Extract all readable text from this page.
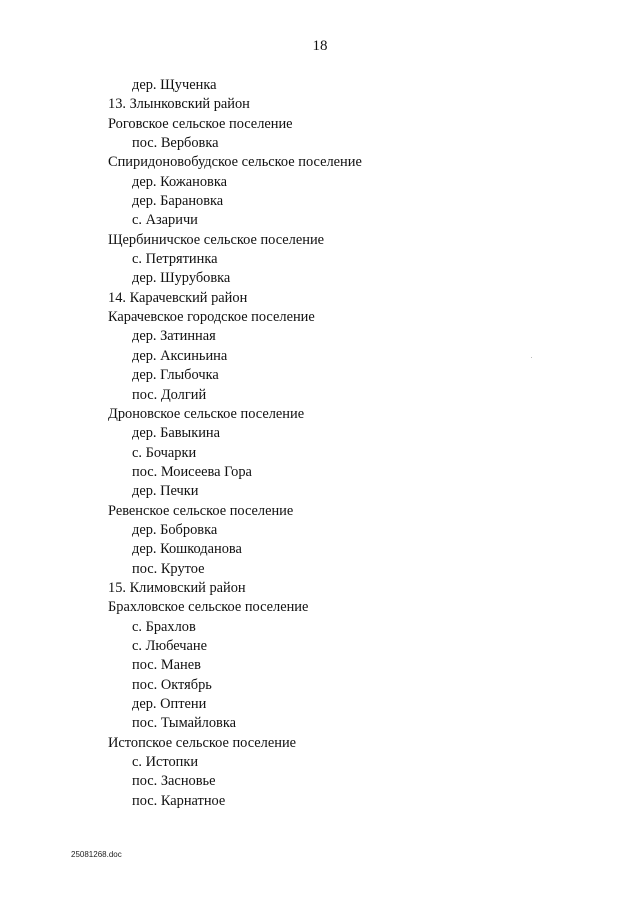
18
дер. Щученка
13. Злынковский район
Роговское сельское поселение
пос. Вербовка
Спиридоновобудское сельское поселение
дер. Кожановка
дер. Барановка
с. Азаричи
Щербиничское сельское поселение
с. Петрятинка
дер. Шурубовка
14. Карачевский район
Карачевское городское поселение
дер. Затинная
дер. Аксиньина
дер. Глыбочка
пос. Долгий
Дроновское сельское поселение
дер. Бавыкина
с. Бочарки
пос. Моисеева Гора
дер. Печки
Ревенское сельское поселение
дер. Бобровка
дер. Кошкоданова
пос. Крутое
15. Климовский район
Брахловское сельское поселение
с. Брахлов
с. Любечане
пос. Манев
пос. Октябрь
дер. Оптени
пос. Тымайловка
Истопское сельское поселение
с. Истопки
пос. Засновье
пос. Карнатное
25081268.doc
